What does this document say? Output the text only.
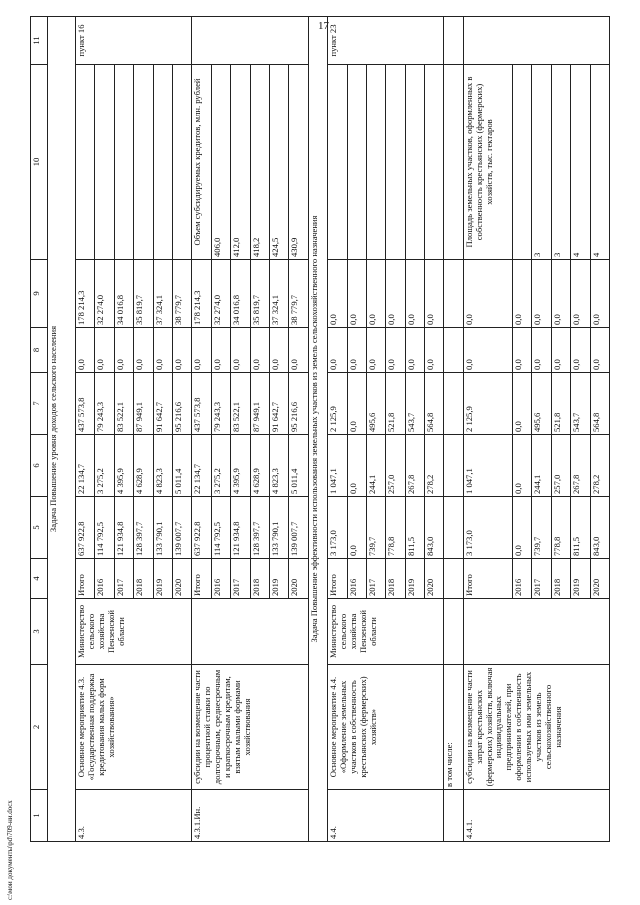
17
1	2	3	4	5	6	7	8	9	10	11
Задача Повышение уровня доходов сельского населения										
4.3.	Основное мероприятие 4.3. «Государственная поддержка кредитования малых форм хозяйствования»	Министерство сельского хозяйства Пензенской области	Итого	637 922,8	22 134,7	437 573,8	0,0	178 214,3		пункт 16
			2016	114 792,5	3 275,2	79 243,3	0,0	32 274,0		
			2017	121 934,8	4 395,9	83 522,1	0,0	34 016,8		
			2018	128 397,7	4 628,9	87 949,1	0,0	35 819,7		
			2019	133 790,1	4 823,3	91 642,7	0,0	37 324,1		
			2020	139 007,7	5 011,4	95 216,6	0,0	38 779,7		
4.3.1.Ин.	субсидии на возмещение части процентной ставки по долгосрочным, среднесрочным и краткосрочным кредитам, взятым малыми формами хозяйствования		Итого	637 922,8	22 134,7	437 573,8	0,0	178 214,3	Объем субсидируемых кредитов, млн. рублей	
			2016	114 792,5	3 275,2	79 243,3	0,0	32 274,0	406,0	
			2017	121 934,8	4 395,9	83 522,1	0,0	34 016,8	412,0	
			2018	128 397,7	4 628,9	87 949,1	0,0	35 819,7	418,2	
			2019	133 790,1	4 823,3	91 642,7	0,0	37 324,1	424,5	
			2020	139 007,7	5 011,4	95 216,6	0,0	38 779,7	430,9	
Задача Повышение эффективности использования земельных участков из земель сельскохозяйственного назначения										
4.4.	Основное мероприятие 4.4. «Оформление земельных участков в собственность крестьянских (фермерских) хозяйств»	Министерство сельского хозяйства Пензенской области	Итого	3 173,0	1 047,1	2 125,9	0,0	0,0		пункт 23
			2016	0,0	0,0	0,0	0,0	0,0		
			2017	739,7	244,1	495,6	0,0	0,0		
			2018	778,8	257,0	521,8	0,0	0,0		
			2019	811,5	267,8	543,7	0,0	0,0		
			2020	843,0	278,2	564,8	0,0	0,0		
	в том числе:									
4.4.1.	субсидии на возмещение части затрат крестьянских (фермерских) хозяйств, включая индивидуальных предпринимателей, при оформлении в собственность используемых ими земельных участков из земель сельскохозяйственного назначения		Итого	3 173,0	1 047,1	2 125,9	0,0	0,0	Площадь земельных участков, оформленных в собственность крестьянских (фермерских) хозяйств, тыс. гектаров	
			2016	0,0	0,0	0,0	0,0	0,0		
			2017	739,7	244,1	495,6	0,0	0,0	3	
			2018	778,8	257,0	521,8	0,0	0,0	3	
			2019	811,5	267,8	543,7	0,0	0,0	4	
			2020	843,0	278,2	564,8	0,0	0,0	4	
c:\мои документы\pd\709-ни.docx
